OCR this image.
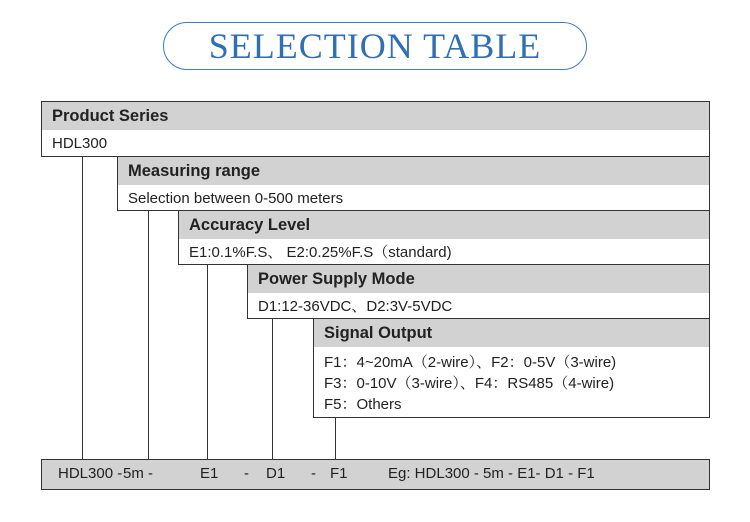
SELECTION TABLE
Product Series
HDL300
Measuring range
Selection between 0-500 meters
Accuracy Level
E1:0.1%F.S、 E2:0.25%F.S（standard)
Power Supply Mode
D1:12-36VDC、D2:3V-5VDC
Signal Output
F1：4~20mA（2-wire）、F2：0-5V（3-wire)
F3：0-10V（3-wire）、F4：RS485（4-wire)
F5：Others
HDL300 - 5m -	E1 - D1 - F1	Eg: HDL300 - 5m - E1- D1 - F1
